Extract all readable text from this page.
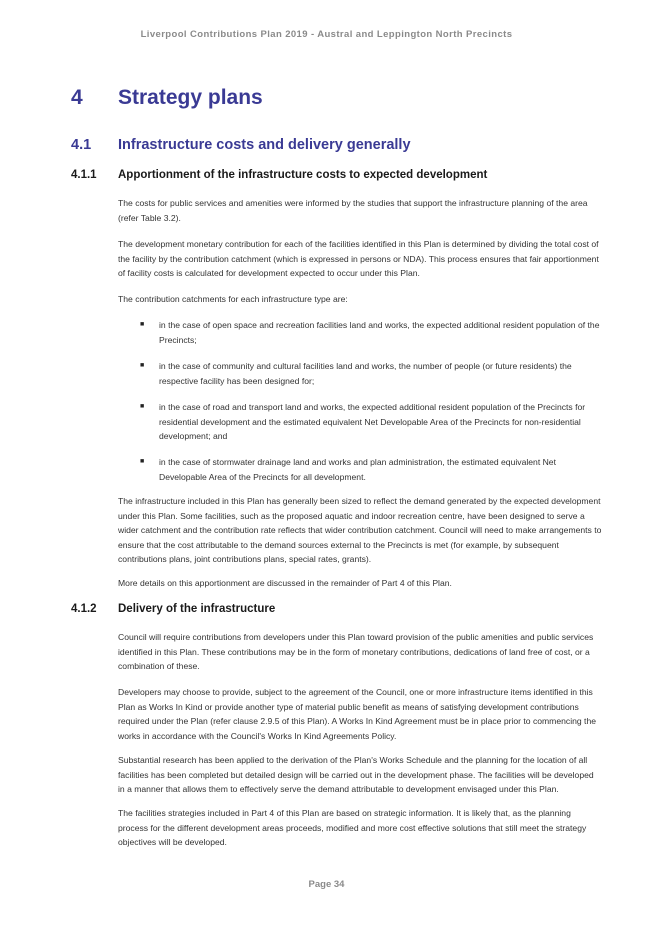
Liverpool Contributions Plan 2019 - Austral and Leppington North Precincts
4 Strategy plans
4.1 Infrastructure costs and delivery generally
4.1.1 Apportionment of the infrastructure costs to expected development

The costs for public services and amenities were informed by the studies that support the infrastructure planning of the area (refer Table 3.2).

The development monetary contribution for each of the facilities identified in this Plan is determined by dividing the total cost of the facility by the contribution catchment (which is expressed in persons or NDA). This process ensures that fair apportionment of facility costs is calculated for development expected to occur under this Plan.

The contribution catchments for each infrastructure type are:

■ in the case of open space and recreation facilities land and works, the expected additional resident population of the Precincts;
■ in the case of community and cultural facilities land and works, the number of people (or future residents) the respective facility has been designed for;
■ in the case of road and transport land and works, the expected additional resident population of the Precincts for residential development and the estimated equivalent Net Developable Area of the Precincts for non-residential development; and
■ in the case of stormwater drainage land and works and plan administration, the estimated equivalent Net Developable Area of the Precincts for all development.

The infrastructure included in this Plan has generally been sized to reflect the demand generated by the expected development under this Plan. Some facilities, such as the proposed aquatic and indoor recreation centre, have been designed to serve a wider catchment and the contribution rate reflects that wider contribution catchment. Council will need to make arrangements to ensure that the cost attributable to the demand sources external to the Precincts is met (for example, by subsequent contributions plans, joint contributions plans, special rates, grants).

More details on this apportionment are discussed in the remainder of Part 4 of this Plan.

4.1.2 Delivery of the infrastructure

Council will require contributions from developers under this Plan toward provision of the public amenities and public services identified in this Plan. These contributions may be in the form of monetary contributions, dedications of land free of cost, or a combination of these.

Developers may choose to provide, subject to the agreement of the Council, one or more infrastructure items identified in this Plan as Works In Kind or provide another type of material public benefit as means of satisfying development contributions required under the Plan (refer clause 2.9.5 of this Plan). A Works In Kind Agreement must be in place prior to commencing the works in accordance with the Council's Works In Kind Agreements Policy.

Substantial research has been applied to the derivation of the Plan's Works Schedule and the planning for the location of all facilities has been completed but detailed design will be carried out in the development phase. The facilities will be developed in a manner that allows them to effectively serve the demand attributable to development envisaged under this Plan.

The facilities strategies included in Part 4 of this Plan are based on strategic information. It is likely that, as the planning process for the different development areas proceeds, modified and more cost effective solutions that still meet the strategy objectives will be developed.

Page 34
